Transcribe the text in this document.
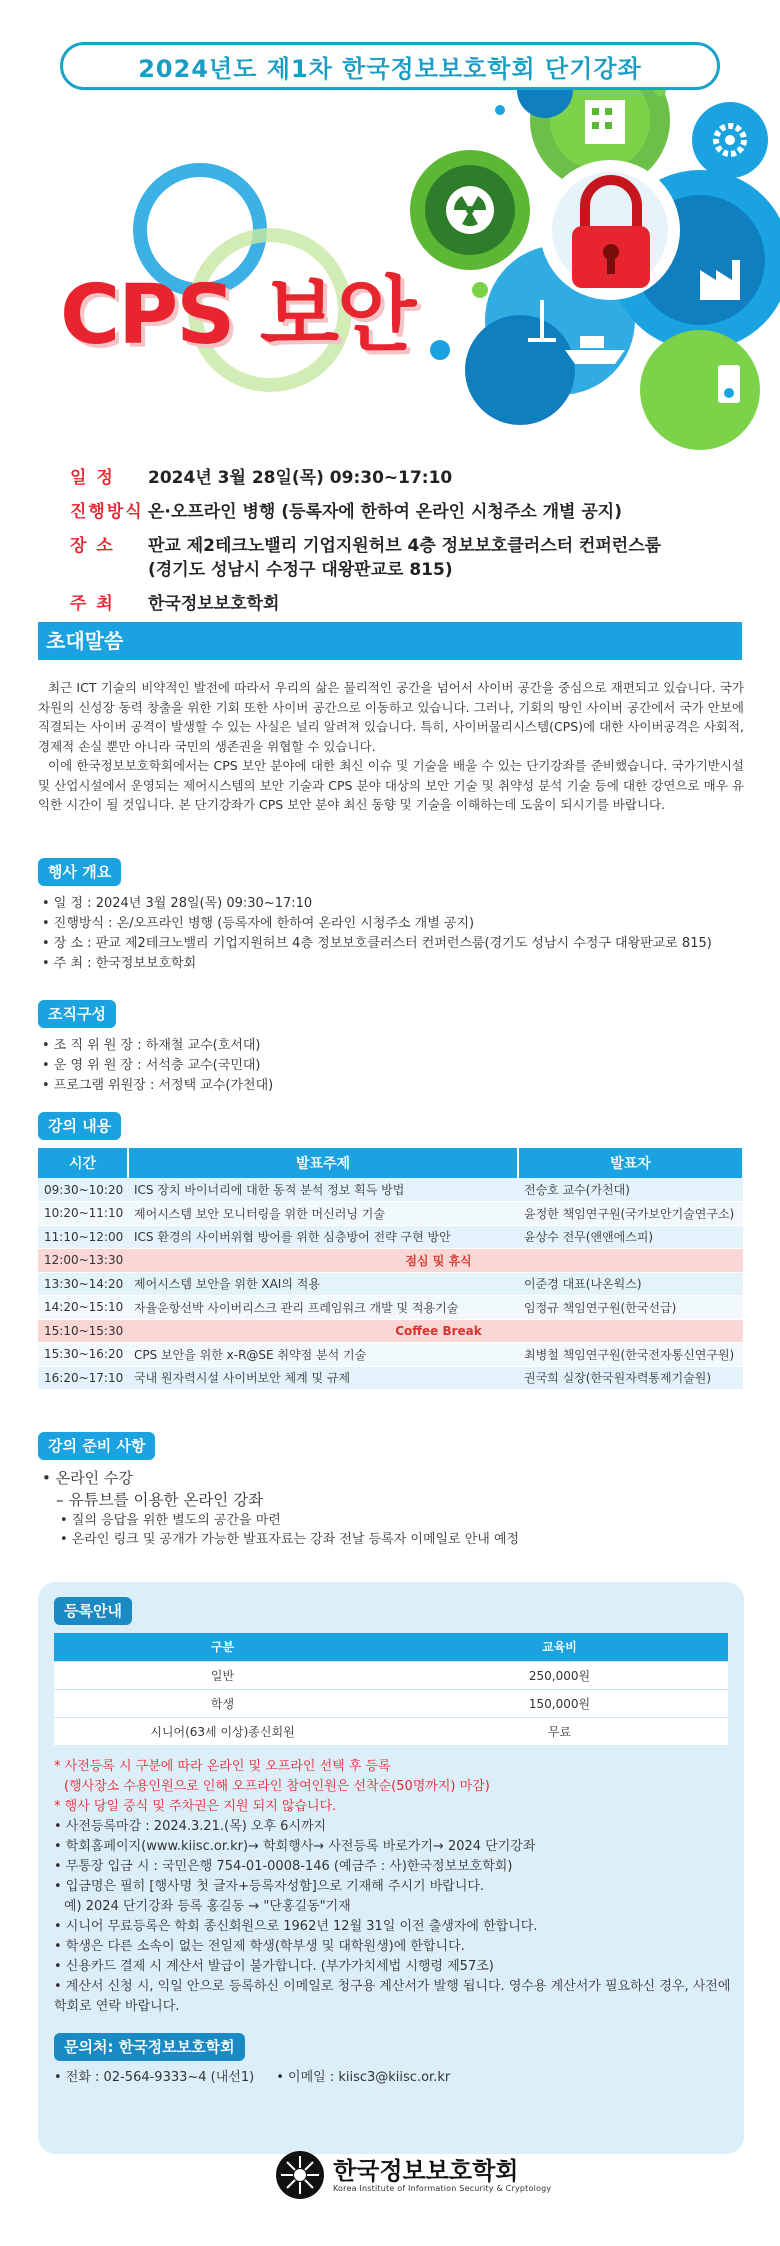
2024년도 제1차 한국정보보호학회 단기강좌
CPS 보안
일 정	2024년 3월 28일(목) 09:30~17:10
진행방식 온·오프라인 병행 (등록자에 한하여 온라인 시청주소 개별 공지)
장 소	판교 제2테크노밸리 기업지원허브 4층 정보보호클러스터 컨퍼런스룸
(경기도 성남시 수정구 대왕판교로 815)
주 최	한국정보보호학회
초대말씀
최근 ICT 기술의 비약적인 발전에 따라서 우리의 삶은 물리적인 공간을 넘어서 사이버 공간을 중심으로 재편되고 있습니다. 국가 차원의 신성장 동력 창출을 위한 기회 또한 사이버 공간으로 이동하고 있습니다. 그러나, 기회의 땅인 사이버 공간에서 국가 안보에 직결되는 사이버 공격이 발생할 수 있는 사실은 널리 알려져 있습니다. 특히, 사이버물리시스템(CPS)에 대한 사이버공격은 사회적, 경제적 손실 뿐만 아니라 국민의 생존권을 위협할 수 있습니다.
이에 한국정보보호학회에서는 CPS 보안 분야에 대한 최신 이슈 및 기술을 배울 수 있는 단기강좌를 준비했습니다. 국가기반시설 및 산업시설에서 운영되는 제어시스템의 보안 기술과 CPS 분야 대상의 보안 기술 및 취약성 분석 기술 등에 대한 강연으로 매우 유익한 시간이 될 것입니다. 본 단기강좌가 CPS 보안 분야 최신 동향 및 기술을 이해하는데 도움이 되시기를 바랍니다.
행사 개요
• 일 정 : 2024년 3월 28일(목) 09:30~17:10
• 진행방식 : 온/오프라인 병행 (등록자에 한하여 온라인 시청주소 개별 공지)
• 장 소 : 판교 제2테크노밸리 기업지원허브 4층 정보보호클러스터 컨퍼런스룸(경기도 성남시 수정구 대왕판교로 815)
• 주 최 : 한국정보보호학회
조직구성
• 조 직 위 원 장 : 하재철 교수(호서대)
• 운 영 위 원 장 : 서석충 교수(국민대)
• 프로그램 위원장 : 서정택 교수(가천대)
강의 내용
시간	발표주제	발표자
09:30~10:20	ICS 장치 바이너리에 대한 동적 분석 정보 획득 방법	전승호 교수(가천대)
10:20~11:10	제어시스템 보안 모니터링을 위한 머신러닝 기술	윤정한 책임연구원(국가보안기술연구소)
11:10~12:00	ICS 환경의 사이버위협 방어를 위한 심층방어 전략 구현 방안	윤상수 전무(앤앤에스피)
12:00~13:30	점심 및 휴식	
13:30~14:20	제어시스템 보안을 위한 XAI의 적용	이준경 대표(나온웍스)
14:20~15:10	자율운항선박 사이버리스크 관리 프레임워크 개발 및 적용기술	임정규 책임연구원(한국선급)
15:10~15:30	Coffee Break	
15:30~16:20	CPS 보안을 위한 x-R@SE 취약점 분석 기술	최병철 책임연구원(한국전자통신연구원)
16:20~17:10	국내 원자력시설 사이버보안 체계 및 규제	권국희 실장(한국원자력통제기술원)
강의 준비 사항
• 온라인 수강
– 유튜브를 이용한 온라인 강좌
• 질의 응답을 위한 별도의 공간을 마련
• 온라인 링크 및 공개가 가능한 발표자료는 강좌 전날 등록자 이메일로 안내 예정
등록안내
구분	교육비
일반	250,000원
학생	150,000원
시니어(63세 이상)종신회원	무료
* 사전등록 시 구분에 따라 온라인 및 오프라인 선택 후 등록
(행사장소 수용인원으로 인해 오프라인 참여인원은 선착순(50명까지) 마감)
* 행사 당일 중식 및 주차권은 지원 되지 않습니다.
• 사전등록마감 : 2024.3.21.(목) 오후 6시까지
• 학회홈페이지(www.kiisc.or.kr)→ 학회행사→ 사전등록 바로가기→ 2024 단기강좌
• 무통장 입금 시 : 국민은행 754-01-0008-146 (예금주 : 사)한국정보보호학회)
• 입금명은 필히 [행사명 첫 글자+등록자성함]으로 기재해 주시기 바랍니다.
예) 2024 단기강좌 등록 홍길동 → "단홍길동"기재
• 시니어 무료등록은 학회 종신회원으로 1962년 12월 31일 이전 출생자에 한합니다.
• 학생은 다른 소속이 없는 전일제 학생(학부생 및 대학원생)에 한합니다.
• 신용카드 결제 시 계산서 발급이 불가합니다. (부가가치세법 시행령 제57조)
• 계산서 신청 시, 익일 안으로 등록하신 이메일로 청구용 계산서가 발행 됩니다. 영수용 계산서가 필요하신 경우, 사전에 학회로 연락 바랍니다.
문의처: 한국정보보호학회
• 전화 : 02-564-9333~4 (내선1) • 이메일 : kiisc3@kiisc.or.kr
한국정보보호학회
Korea Institute of Information Security & Cryptology
